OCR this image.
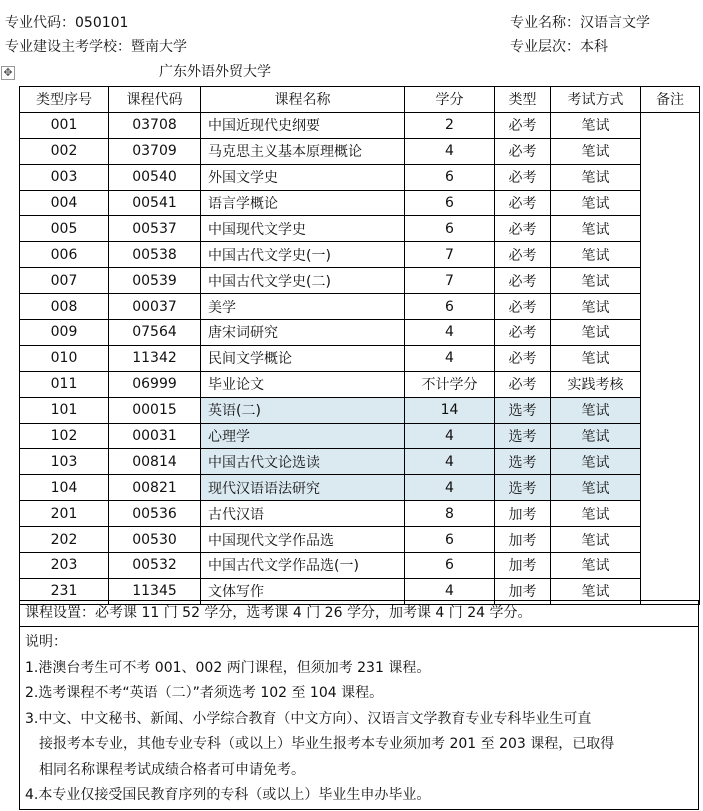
专业代码：050101	专业名称：汉语言文学
专业建设主考学校：暨南大学	专业层次：本科
广东外语外贸大学
✥
类型序号	课程代码	课程名称	学分	类型	考试方式	备注
001	03708	中国近现代史纲要	2	必考	笔试	
002	03709	马克思主义基本原理概论	4	必考	笔试	
003	00540	外国文学史	6	必考	笔试	
004	00541	语言学概论	6	必考	笔试	
005	00537	中国现代文学史	6	必考	笔试	
006	00538	中国古代文学史(一)	7	必考	笔试	
007	00539	中国古代文学史(二)	7	必考	笔试	
008	00037	美学	6	必考	笔试	
009	07564	唐宋词研究	4	必考	笔试	
010	11342	民间文学概论	4	必考	笔试	
011	06999	毕业论文	不计学分	必考	实践考核	
101	00015	英语(二)	14	选考	笔试	
102	00031	心理学	4	选考	笔试	
103	00814	中国古代文论选读	4	选考	笔试	
104	00821	现代汉语语法研究	4	选考	笔试	
201	00536	古代汉语	8	加考	笔试	
202	00530	中国现代文学作品选	6	加考	笔试	
203	00532	中国古代文学作品选(一)	6	加考	笔试	
231	11345	文体写作	4	加考	笔试	
课程设置：必考课 11 门 52 学分，选考课 4 门 26 学分，加考课 4 门 24 学分。

说明：
1.港澳台考生可不考 001、002 两门课程，但须加考 231 课程。
2.选考课程不考“英语（二）”者须选考 102 至 104 课程。
3.中文、中文秘书、新闻、小学综合教育（中文方向）、汉语言文学教育专业专科毕业生可直
接报考本专业，其他专业专科（或以上）毕业生报考本专业须加考 201 至 203 课程，已取得
相同名称课程考试成绩合格者可申请免考。
4.本专业仅接受国民教育序列的专科（或以上）毕业生申办毕业。
